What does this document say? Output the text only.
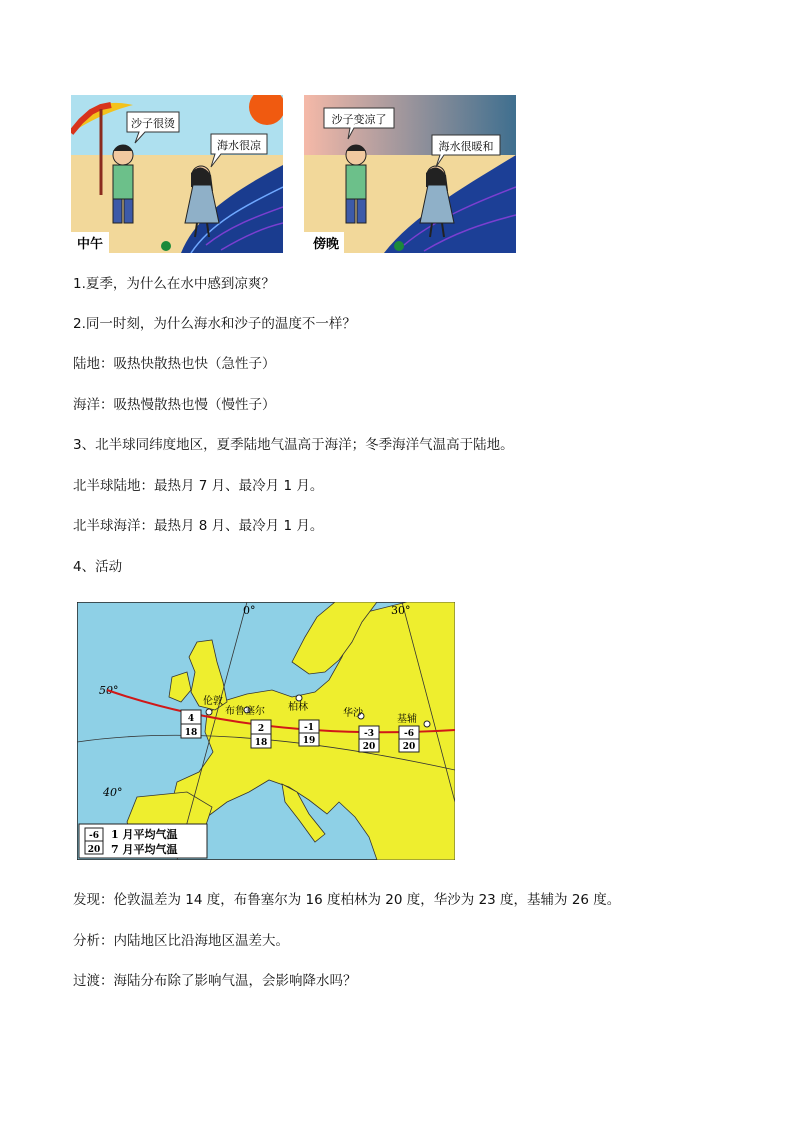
沙子很烫
海水很凉
中午
沙子变凉了
海水很暖和
傍晚
1.夏季，为什么在水中感到凉爽？
2.同一时刻，为什么海水和沙子的温度不一样？
陆地：吸热快散热也快（急性子）
海洋：吸热慢散热也慢（慢性子）
3、北半球同纬度地区，夏季陆地气温高于海洋；冬季海洋气温高于陆地。
北半球陆地：最热月 7 月、最冷月 1 月。
北半球海洋：最热月 8 月、最冷月 1 月。
4、活动
0°	30°
50°
40°
伦敦
4
18
布鲁塞尔
2
18
柏林
-1
19
华沙
-3
20
基辅
-6
20
-6
20
1 月平均气温
7 月平均气温
发现：伦敦温差为 14 度，布鲁塞尔为 16 度柏林为 20 度，华沙为 23 度，基辅为 26 度。
分析：内陆地区比沿海地区温差大。
过渡：海陆分布除了影响气温，会影响降水吗？
